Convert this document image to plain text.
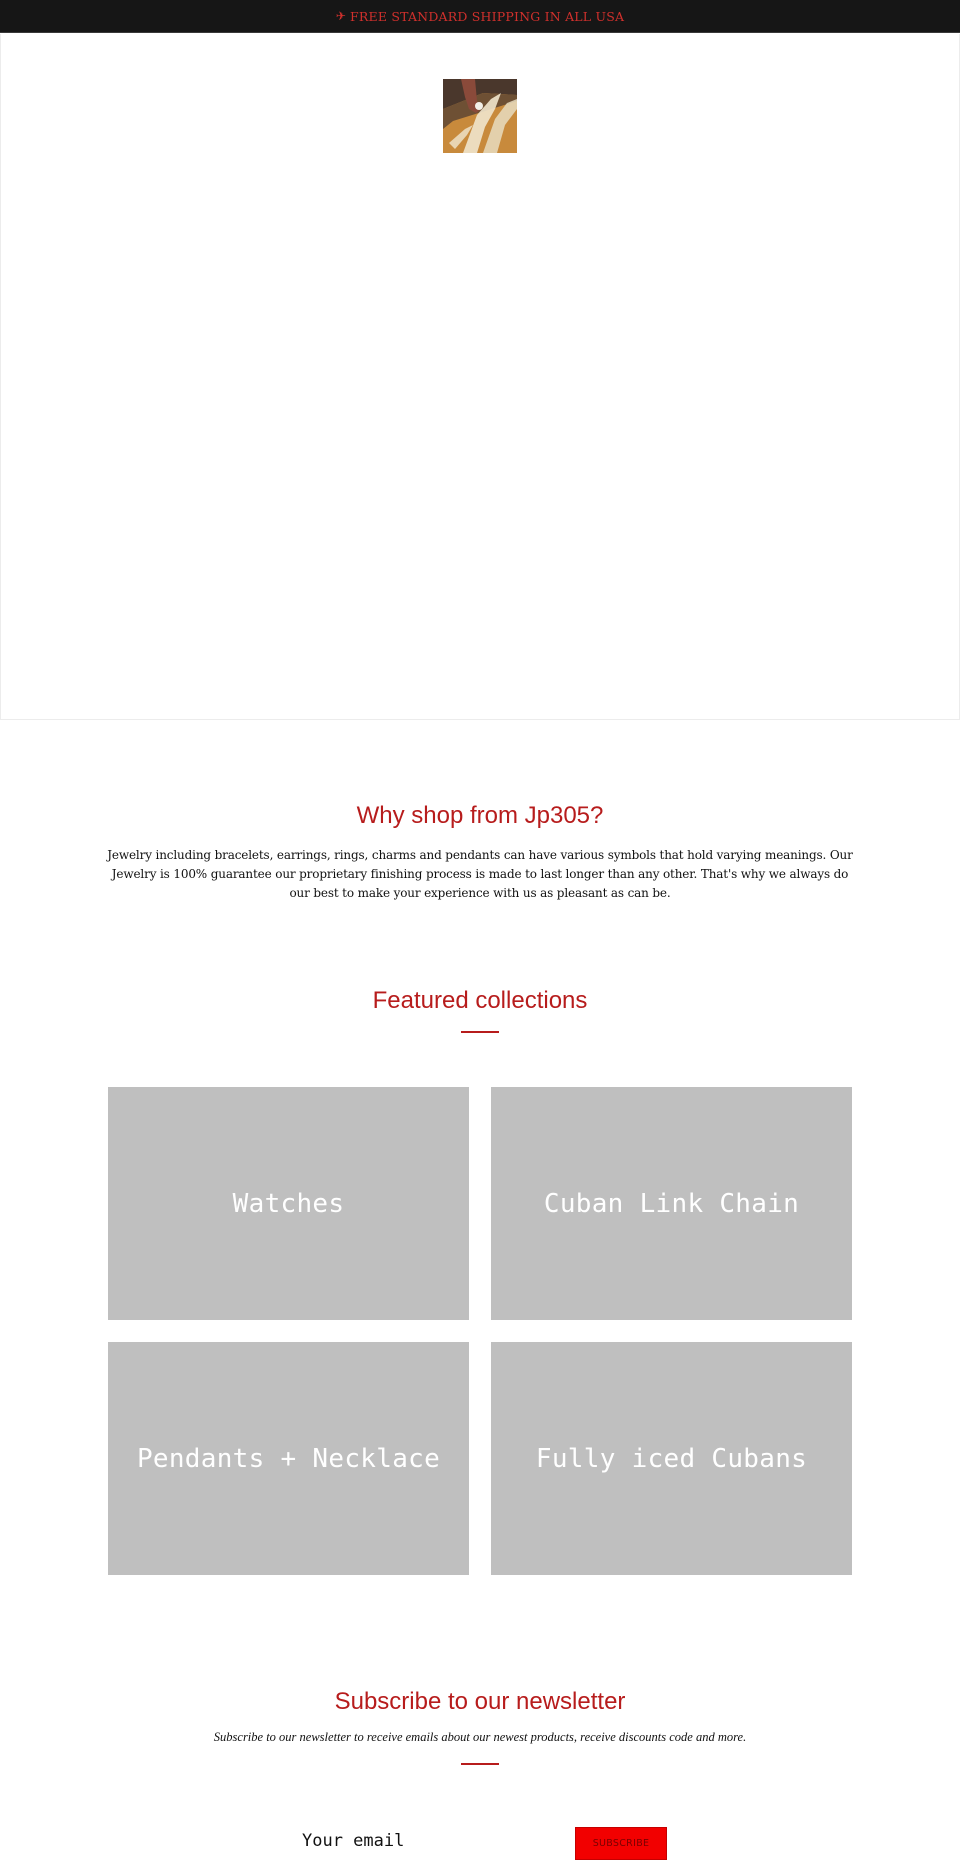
✈ FREE STANDARD SHIPPING IN ALL USA
Why shop from Jp305?

Jewelry including bracelets, earrings, rings, charms and pendants can have various symbols that hold varying meanings. Our Jewelry is 100% guarantee our proprietary finishing process is made to last longer than any other. That's why we always do our best to make your experience with us as pleasant as can be.

Featured collections
Watches	Cuban Link Chain
Pendants + Necklace	Fully iced Cubans
Subscribe to our newsletter

Subscribe to our newsletter to receive emails about our newest products, receive discounts code and more.

Your email
SUBSCRIBE
